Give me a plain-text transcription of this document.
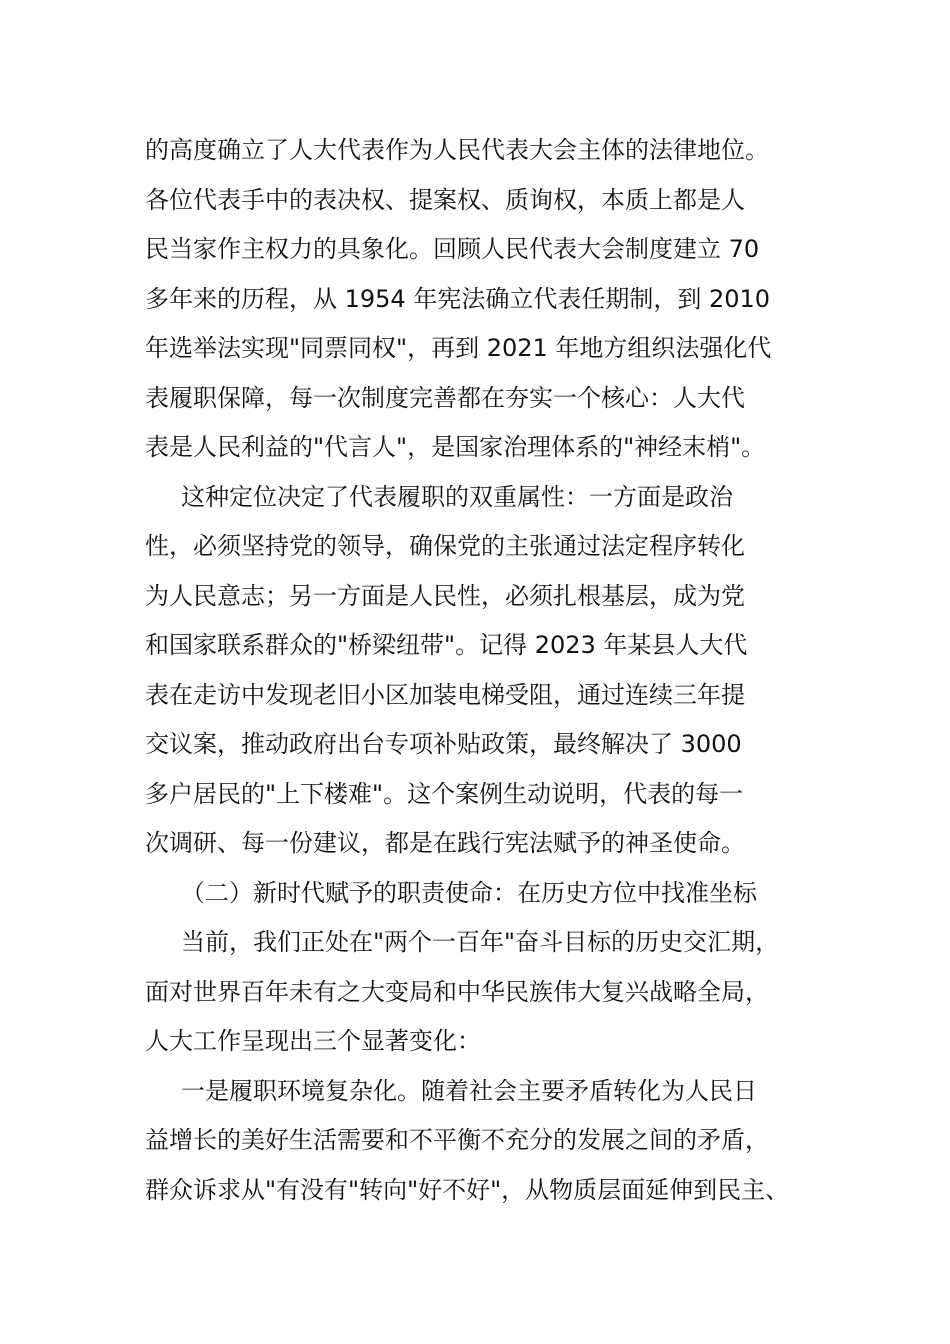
的高度确立了人大代表作为人民代表大会主体的法律地位。
各位代表手中的表决权、提案权、质询权，本质上都是人
民当家作主权力的具象化。回顾人民代表大会制度建立 70
多年来的历程，从 1954 年宪法确立代表任期制，到 2010
年选举法实现"同票同权"，再到 2021 年地方组织法强化代
表履职保障，每一次制度完善都在夯实一个核心：人大代
表是人民利益的"代言人"，是国家治理体系的"神经末梢"。
这种定位决定了代表履职的双重属性：一方面是政治
性，必须坚持党的领导，确保党的主张通过法定程序转化
为人民意志；另一方面是人民性，必须扎根基层，成为党
和国家联系群众的"桥梁纽带"。记得 2023 年某县人大代
表在走访中发现老旧小区加装电梯受阻，通过连续三年提
交议案，推动政府出台专项补贴政策，最终解决了 3000
多户居民的"上下楼难"。这个案例生动说明，代表的每一
次调研、每一份建议，都是在践行宪法赋予的神圣使命。
（二）新时代赋予的职责使命：在历史方位中找准坐标
当前，我们正处在"两个一百年"奋斗目标的历史交汇期，
面对世界百年未有之大变局和中华民族伟大复兴战略全局，
人大工作呈现出三个显著变化：
一是履职环境复杂化。随着社会主要矛盾转化为人民日
益增长的美好生活需要和不平衡不充分的发展之间的矛盾，
群众诉求从"有没有"转向"好不好"，从物质层面延伸到民主、
